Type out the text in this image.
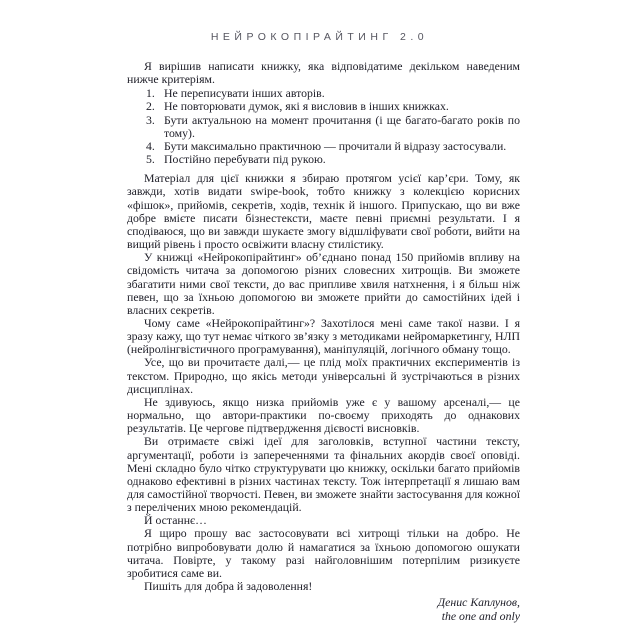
НЕЙРОКОПІРАЙТИНГ 2.0

Я вирішив написати книжку, яка відповідатиме декільком наведеним нижче критеріям.

1. Не переписувати інших авторів.
2. Не повторювати думок, які я висловив в інших книжках.
3. Бути актуальною на момент прочитання (і ще багато-багато років по тому).
4. Бути максимально практичною — прочитали й відразу застосували.
5. Постійно перебувати під рукою.

Матеріал для цієї книжки я збираю протягом усієї кар’єри. Тому, як завжди, хотів видати swipe-book, тобто книжку з колекцією корисних «фішок», прийомів, секретів, ходів, технік й іншого. Припускаю, що ви вже добре вмієте писати бізнестексти, маєте певні приємні результати. І я сподіваюся, що ви завжди шукаєте змогу відшліфувати свої роботи, вийти на вищий рівень і просто освіжити власну стилістику.

У книжці «Нейрокопірайтинг» об’єднано понад 150 прийомів впливу на свідомість читача за допомогою різних словесних хитрощів. Ви зможете збагатити ними свої тексти, до вас припливе хвиля натхнення, і я більш ніж певен, що за їхньою допомогою ви зможете прийти до самостійних ідей і власних секретів.

Чому саме «Нейрокопірайтинг»? Захотілося мені саме такої назви. І я зразу кажу, що тут немає чіткого зв’язку з методиками нейромаркетингу, НЛП (нейролінгвістичного програмування), маніпуляцій, логічного обману тощо.

Усе, що ви прочитаєте далі,— це плід моїх практичних експериментів із текстом. Природно, що якісь методи універсальні й зустрічаються в різних дисциплінах.

Не здивуюсь, якщо низка прийомів уже є у вашому арсеналі,— це нормально, що автори-практики по-своєму приходять до однакових результатів. Це чергове підтвердження дієвості висновків.

Ви отримаєте свіжі ідеї для заголовків, вступної частини тексту, аргументації, роботи із запереченнями та фінальних акордів своєї оповіді. Мені складно було чітко структурувати цю книжку, оскільки багато прийомів однаково ефективні в різних частинах тексту. Тож інтерпретації я лишаю вам для самостійної творчості. Певен, ви зможете знайти застосування для кожної з перелічених мною рекомендацій.

Й останнє…

Я щиро прошу вас застосовувати всі хитрощі тільки на добро. Не потрібно випробовувати долю й намагатися за їхньою допомогою ошукати читача. Повірте, у такому разі найголовнішим потерпілим ризикуєте зробитися саме ви.

Пишіть для добра й задоволення!

Денис Каплунов,
the one and only
